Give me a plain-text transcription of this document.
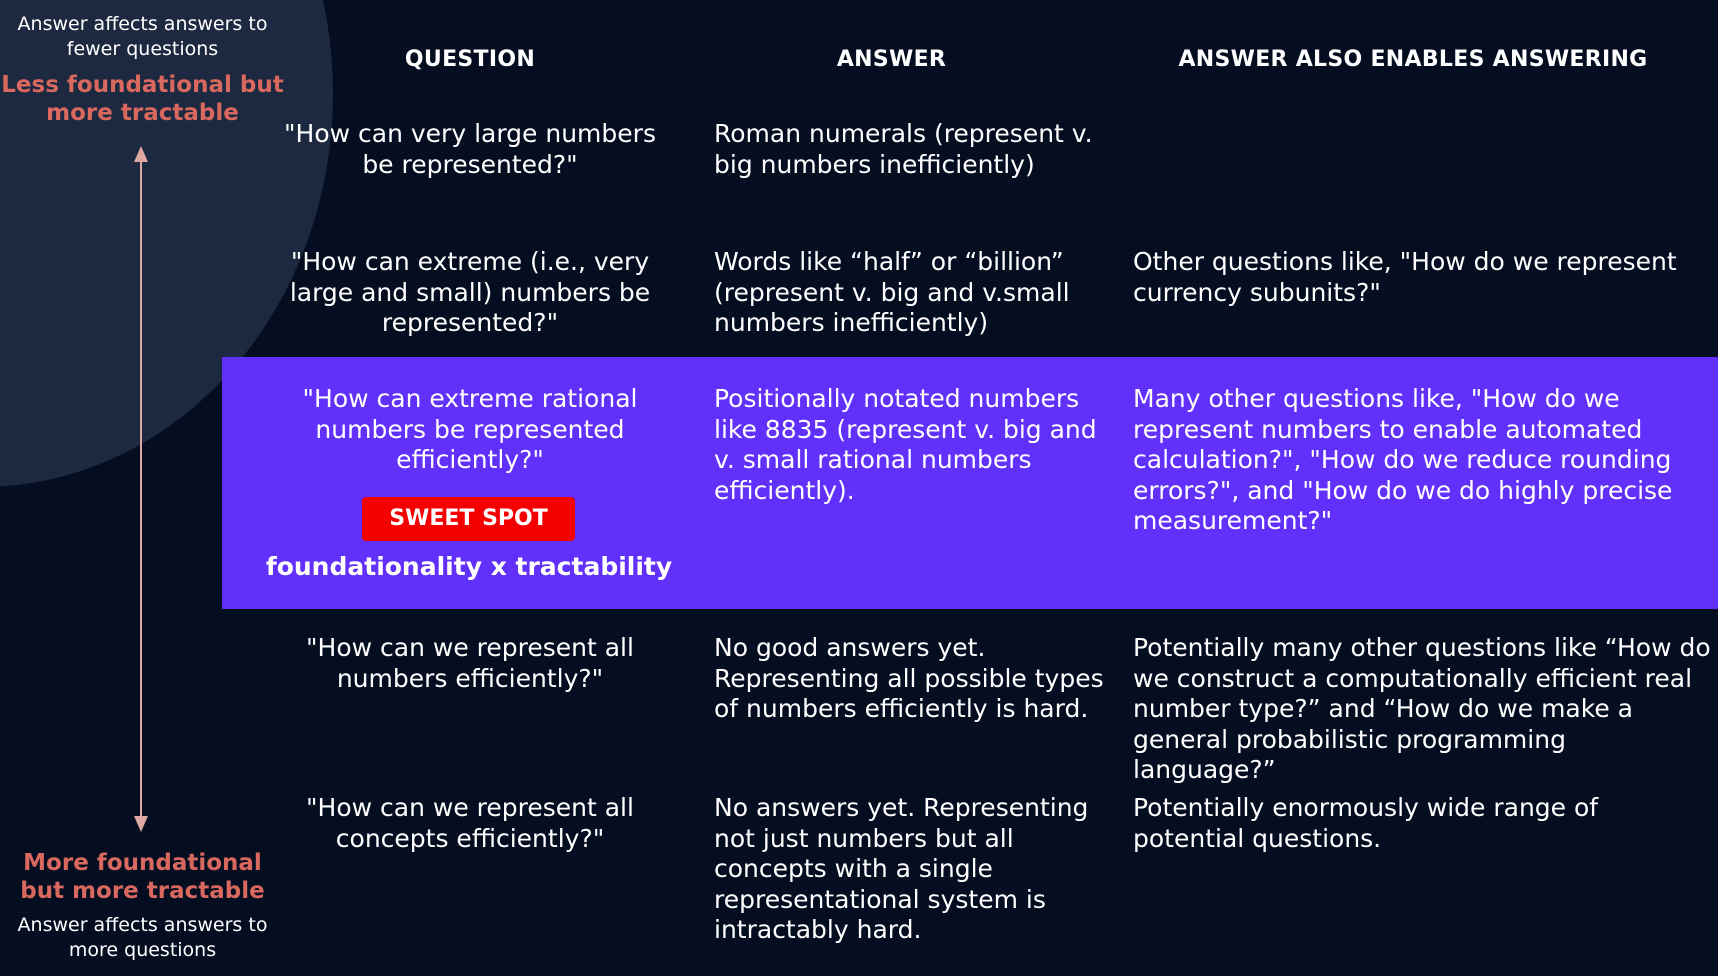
Answer affects answers to fewer questions
Less foundational but more tractable
More foundational but more tractable
Answer affects answers to more questions
QUESTION	ANSWER	ANSWER ALSO ENABLES ANSWERING
"How can very large numbers be represented?"
Roman numerals (represent v. big numbers inefficiently)
"How can extreme (i.e., very large and small) numbers be represented?"
Words like “half” or “billion” (represent v. big and v.small numbers inefficiently)
Other questions like, "How do we represent currency subunits?"
"How can extreme rational numbers be represented efficiently?"
Positionally notated numbers like 8835 (represent v. big and v. small rational numbers efficiently).
Many other questions like, "How do we represent numbers to enable automated calculation?", "How do we reduce rounding errors?", and "How do we do highly precise measurement?"
SWEET SPOT
foundationality x tractability
"How can we represent all numbers efficiently?"
No good answers yet. Representing all possible types of numbers efficiently is hard.
Potentially many other questions like “How do we construct a computationally efficient real number type?” and “How do we make a general probabilistic programming language?”
"How can we represent all concepts efficiently?"
No answers yet. Representing not just numbers but all concepts with a single representational system is intractably hard.
Potentially enormously wide range of potential questions.
